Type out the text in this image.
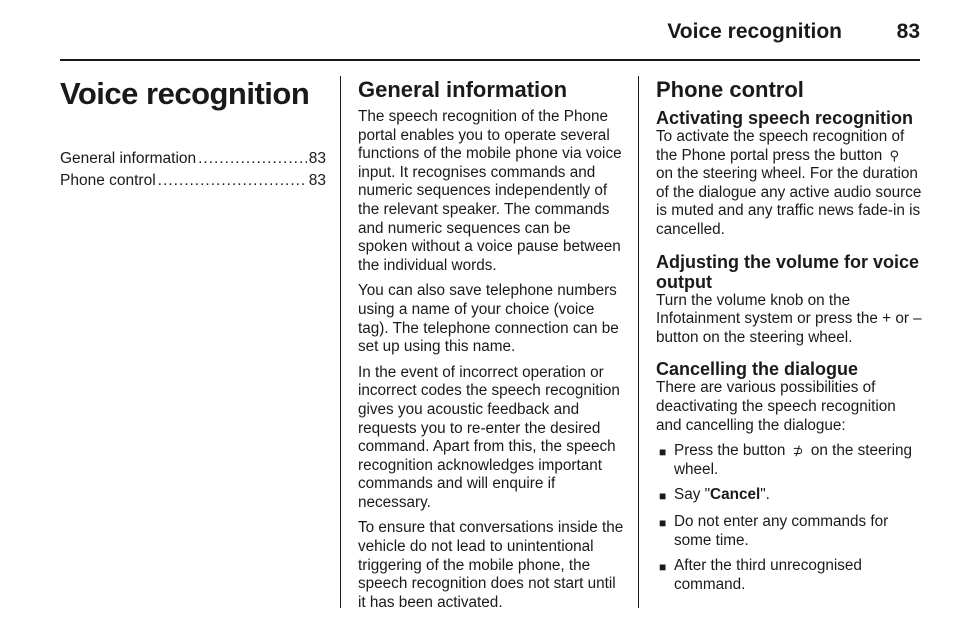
Voice recognition	83
Voice recognition
General information .....	83
Phone control .....	83
General information

The speech recognition of the Phone portal enables you to operate several functions of the mobile phone via voice input. It recognises commands and numeric sequences independently of the relevant speaker. The commands and numeric sequences can be spoken without a voice pause between the individual words.

You can also save telephone numbers using a name of your choice (voice tag). The telephone connection can be set up using this name.

In the event of incorrect operation or incorrect codes the speech recognition gives you acoustic feedback and requests you to re-enter the desired command. Apart from this, the speech recognition acknowledges important commands and will enquire if necessary.

To ensure that conversations inside the vehicle do not lead to unintentional triggering of the mobile phone, the speech recognition does not start until it has been activated.

Phone control
Activating speech recognition

To activate the speech recognition of the Phone portal press the button ⚲ on the steering wheel. For the duration of the dialogue any active audio source is muted and any traffic news fade-in is cancelled.

Adjusting the volume for voice output

Turn the volume knob on the Infotainment system or press the + or – button on the steering wheel.

Cancelling the dialogue

There are various possibilities of deactivating the speech recognition and cancelling the dialogue:

■ Press the button ⊅ on the steering wheel.
■ Say "Cancel".
■ Do not enter any commands for some time.
■ After the third unrecognised command.
